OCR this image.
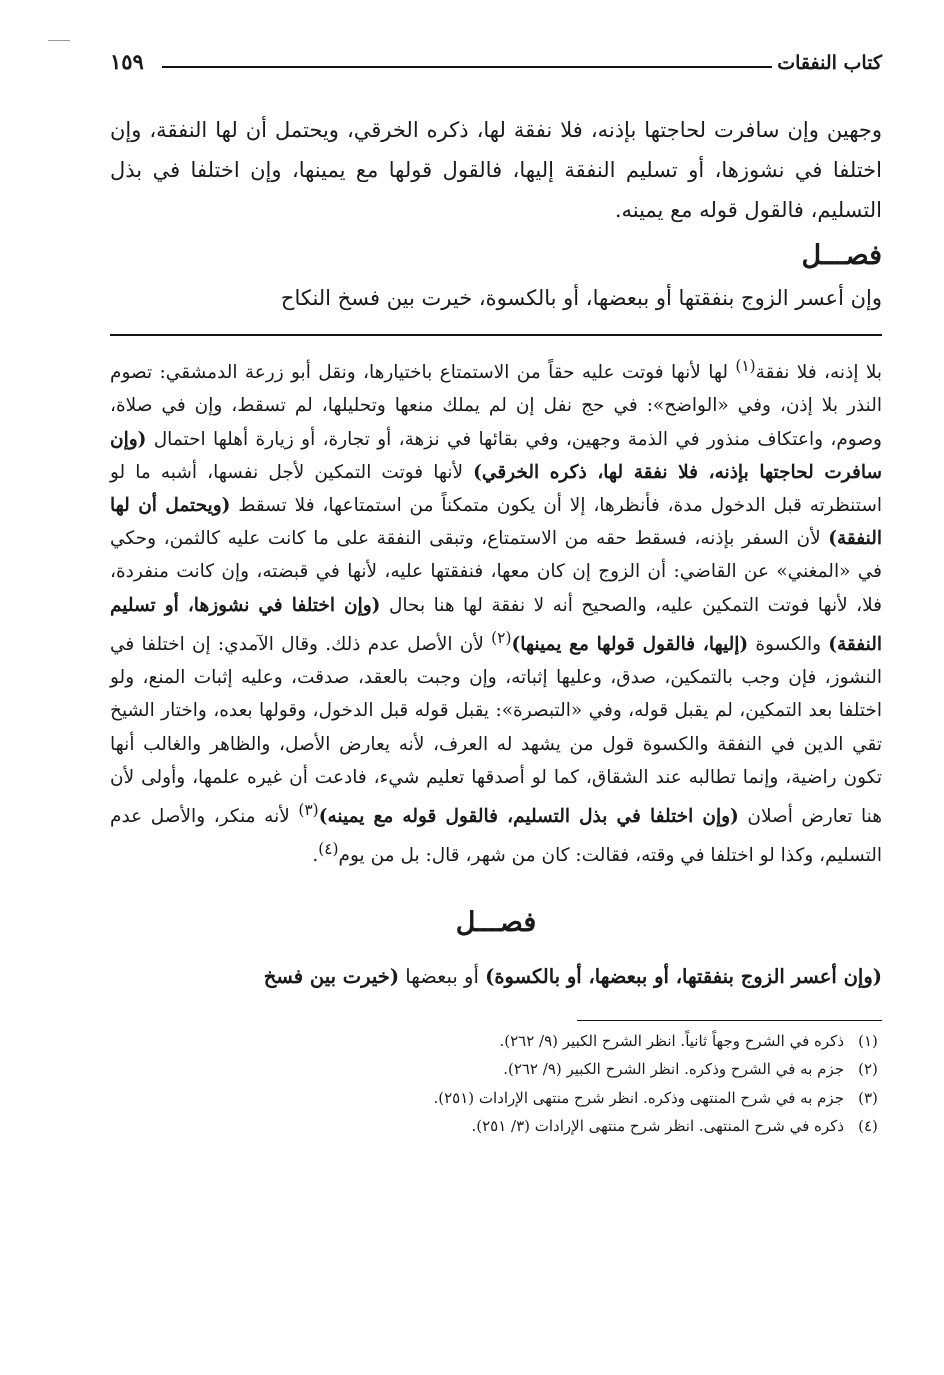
كتاب النفقات
١٥٩
وجهين وإن سافرت لحاجتها بإذنه، فلا نفقة لها، ذكره الخرقي، ويحتمل أن لها النفقة، وإن اختلفا في نشوزها، أو تسليم النفقة إليها، فالقول قولها مع يمينها، وإن اختلفا في بذل التسليم، فالقول قوله مع يمينه.
فصـــل
وإن أعسر الزوج بنفقتها أو ببعضها، أو بالكسوة، خيرت بين فسخ النكاح
بلا إذنه، فلا نفقة$^{(١)}$ لها لأنها فوتت عليه حقاً من الاستمتاع باختيارها، ونقل أبو زرعة الدمشقي: تصوم النذر بلا إذن، وفي «الواضح»: في حج نفل إن لم يملك منعها وتحليلها، لم تسقط، وإن في صلاة، وصوم، واعتكاف منذور في الذمة وجهين، وفي بقائها في نزهة، أو تجارة، أو زيارة أهلها احتمال (وإن سافرت لحاجتها بإذنه، فلا نفقة لها، ذكره الخرقي) لأنها فوتت التمكين لأجل نفسها، أشبه ما لو استنظرته قبل الدخول مدة، فأنظرها، إلا أن يكون متمكناً من استمتاعها، فلا تسقط (ويحتمل أن لها النفقة) لأن السفر بإذنه، فسقط حقه من الاستمتاع، وتبقى النفقة على ما كانت عليه كالثمن، وحكي في «المغني» عن القاضي: أن الزوج إن كان معها، فنفقتها عليه، لأنها في قبضته، وإن كانت منفردة، فلا، لأنها فوتت التمكين عليه، والصحيح أنه لا نفقة لها هنا بحال (وإن اختلفا في نشوزها، أو تسليم النفقة) والكسوة (إليها، فالقول قولها مع يمينها)$^{(٢)}$ لأن الأصل عدم ذلك. وقال الآمدي: إن اختلفا في النشوز، فإن وجب بالتمكين، صدق، وعليها إثباته، وإن وجبت بالعقد، صدقت، وعليه إثبات المنع، ولو اختلفا بعد التمكين، لم يقبل قوله، وفي «التبصرة»: يقبل قوله قبل الدخول، وقولها بعده، واختار الشيخ تقي الدين في النفقة والكسوة قول من يشهد له العرف، لأنه يعارض الأصل، والظاهر والغالب أنها تكون راضية، وإنما تطالبه عند الشقاق، كما لو أصدقها تعليم شيء، فادعت أن غيره علمها، وأولى لأن هنا تعارض أصلان (وإن اختلفا في بذل التسليم، فالقول قوله مع يمينه)$^{(٣)}$ لأنه منكر، والأصل عدم التسليم، وكذا لو اختلفا في وقته، فقالت: كان من شهر، قال: بل من يوم$^{(٤)}$.
فصـــل
(وإن أعسر الزوج بنفقتها، أو ببعضها، أو بالكسوة) أو ببعضها (خيرت بين فسخ
(١)
ذكره في الشرح وجهاً ثانياً. انظر الشرح الكبير (٩/ ٢٦٢).
(٢)
جزم به في الشرح وذكره. انظر الشرح الكبير (٩/ ٢٦٢).
(٣)
جزم به في شرح المنتهى وذكره. انظر شرح منتهى الإرادات (٢٥١).
(٤)
ذكره في شرح المنتهى. انظر شرح منتهى الإرادات (٣/ ٢٥١).
